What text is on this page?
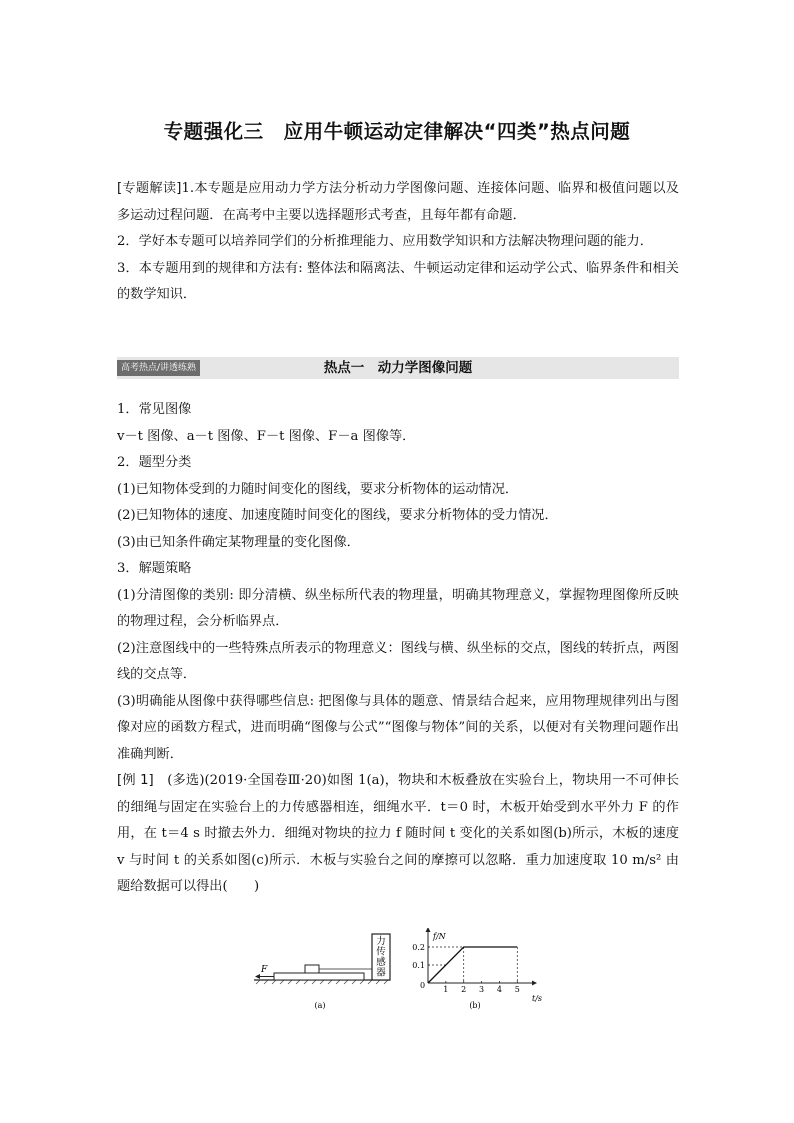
专题强化三　应用牛顿运动定律解决“四类”热点问题

[专题解读]1.本专题是应用动力学方法分析动力学图像问题、连接体问题、临界和极值问题以及多运动过程问题．在高考中主要以选择题形式考查，且每年都有命题．

2．学好本专题可以培养同学们的分析推理能力、应用数学知识和方法解决物理问题的能力．

3．本专题用到的规律和方法有: 整体法和隔离法、牛顿运动定律和运动学公式、临界条件和相关的数学知识．

热点一　动力学图像问题
高考热点/讲透练熟

1．常见图像

v－t 图像、a－t 图像、F－t 图像、F－a 图像等．

2．题型分类

(1)已知物体受到的力随时间变化的图线，要求分析物体的运动情况．

(2)已知物体的速度、加速度随时间变化的图线，要求分析物体的受力情况．

(3)由已知条件确定某物理量的变化图像．

3．解题策略

(1)分清图像的类别: 即分清横、纵坐标所代表的物理量，明确其物理意义，掌握物理图像所反映的物理过程，会分析临界点．

(2)注意图线中的一些特殊点所表示的物理意义：图线与横、纵坐标的交点，图线的转折点，两图线的交点等．

(3)明确能从图像中获得哪些信息: 把图像与具体的题意、情景结合起来，应用物理规律列出与图像对应的函数方程式，进而明确“图像与公式”“图像与物体”间的关系，以便对有关物理问题作出准确判断．

[例 1]　(多选)(2019·全国卷Ⅲ·20)如图 1(a)，物块和木板叠放在实验台上，物块用一不可伸长的细绳与固定在实验台上的力传感器相连，细绳水平．t＝0 时，木板开始受到水平外力 F 的作用，在 t＝4 s 时撤去外力．细绳对物块的拉力 f 随时间 t 变化的关系如图(b)所示，木板的速度 v 与时间 t 的关系如图(c)所示．木板与实验台之间的摩擦可以忽略．重力加速度取 10 m/s² 由题给数据可以得出(　　)

F
力传感器
(a)	(b)
f/N
t/s
0 1 2 3 4 5
0.1
0.2
